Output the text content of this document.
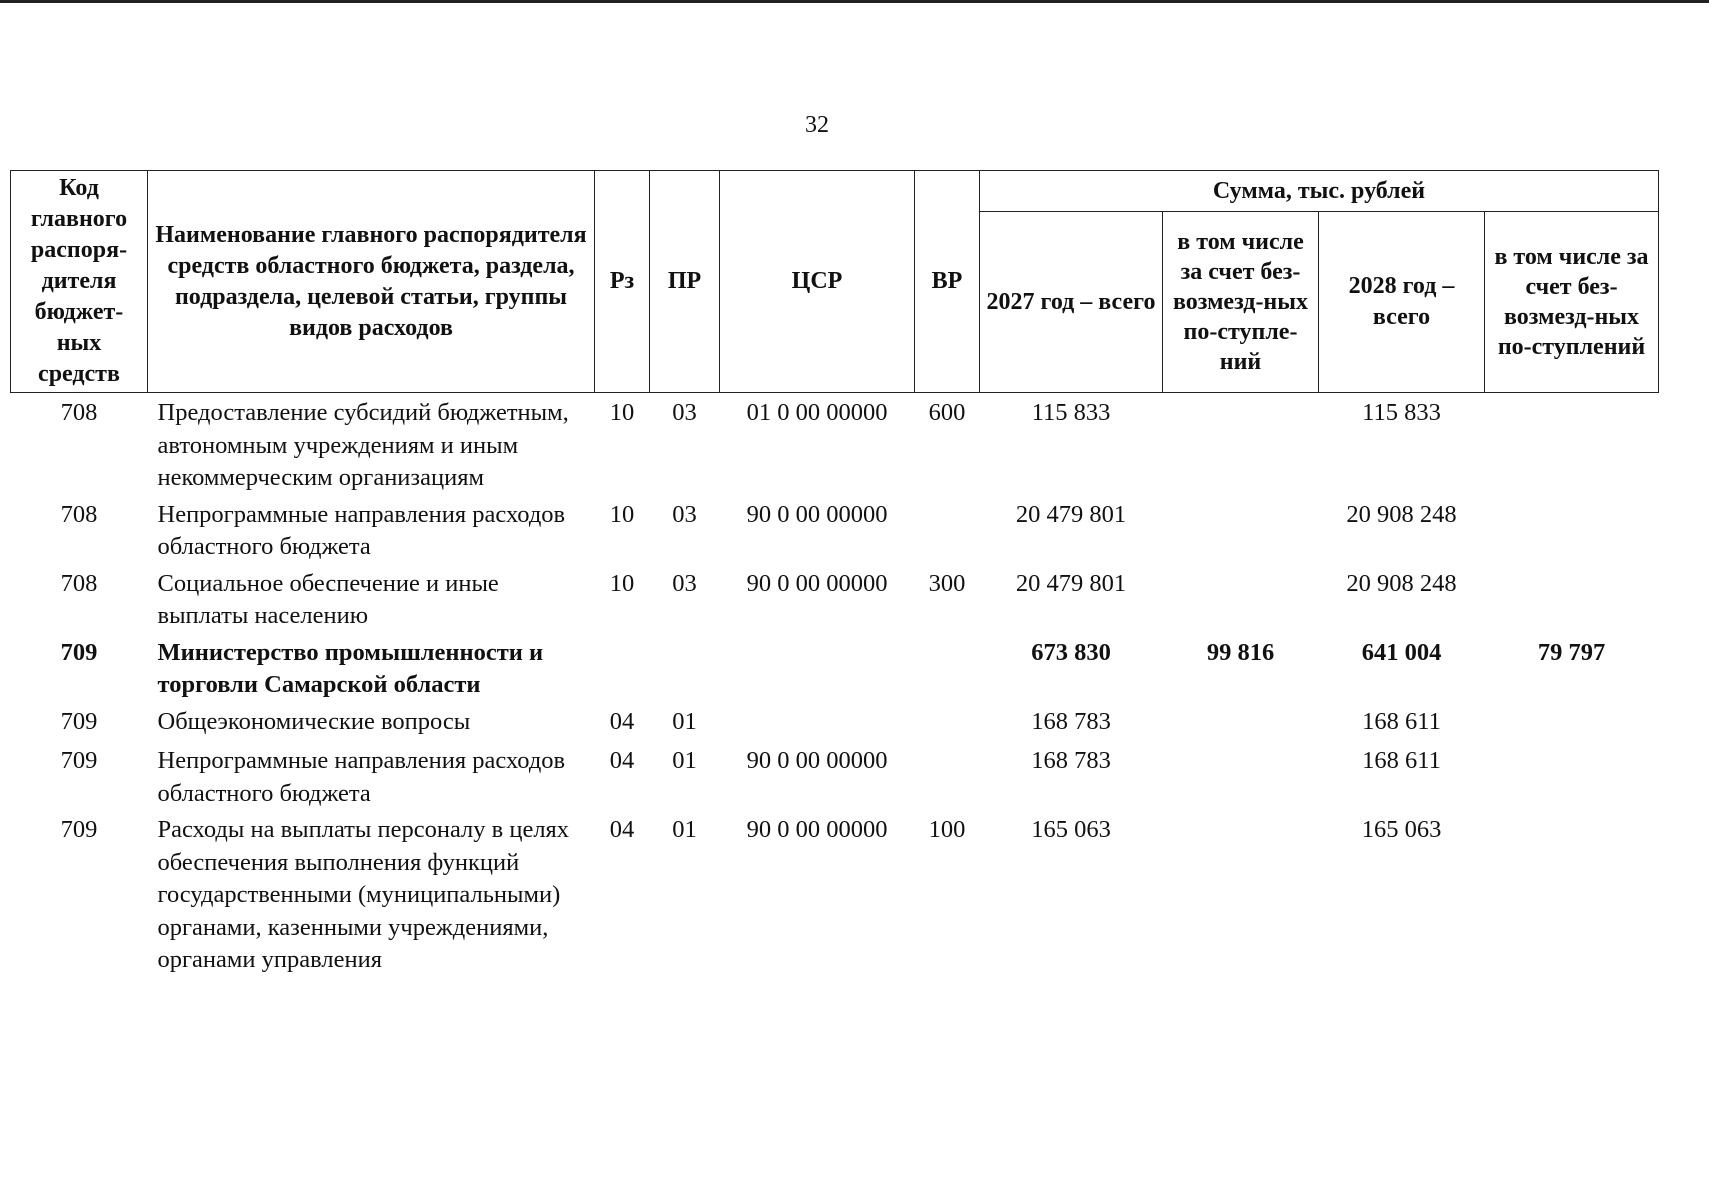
32
Код главного распоря-дителя бюджет-ных средств	Наименование главного распорядителя средств областного бюджета, раздела, подраздела, целевой статьи, группы видов расходов	Рз	ПР	ЦСР	ВР	Сумма, тыс. рублей			
						2027 год – всего	в том числе за счет без-возмезд-ных по-ступле-ний	2028 год – всего	в том числе за счет без-возмезд-ных по-ступлений
708	Предоставление субсидий бюджетным, автономным учреждениям и иным некоммерческим организациям	10	03	01 0 00 00000	600	115 833		115 833	
708	Непрограммные направления расходов областного бюджета	10	03	90 0 00 00000		20 479 801		20 908 248	
708	Социальное обеспечение и иные выплаты населению	10	03	90 0 00 00000	300	20 479 801		20 908 248	
709	Министерство промышленности и торговли Самарской области					673 830	99 816	641 004	79 797
709	Общеэкономические вопросы	04	01			168 783		168 611	
709	Непрограммные направления расходов областного бюджета	04	01	90 0 00 00000		168 783		168 611	
709	Расходы на выплаты персоналу в целях обеспечения выполнения функций государственными (муниципальными) органами, казенными учреждениями, органами управления	04	01	90 0 00 00000	100	165 063		165 063	
